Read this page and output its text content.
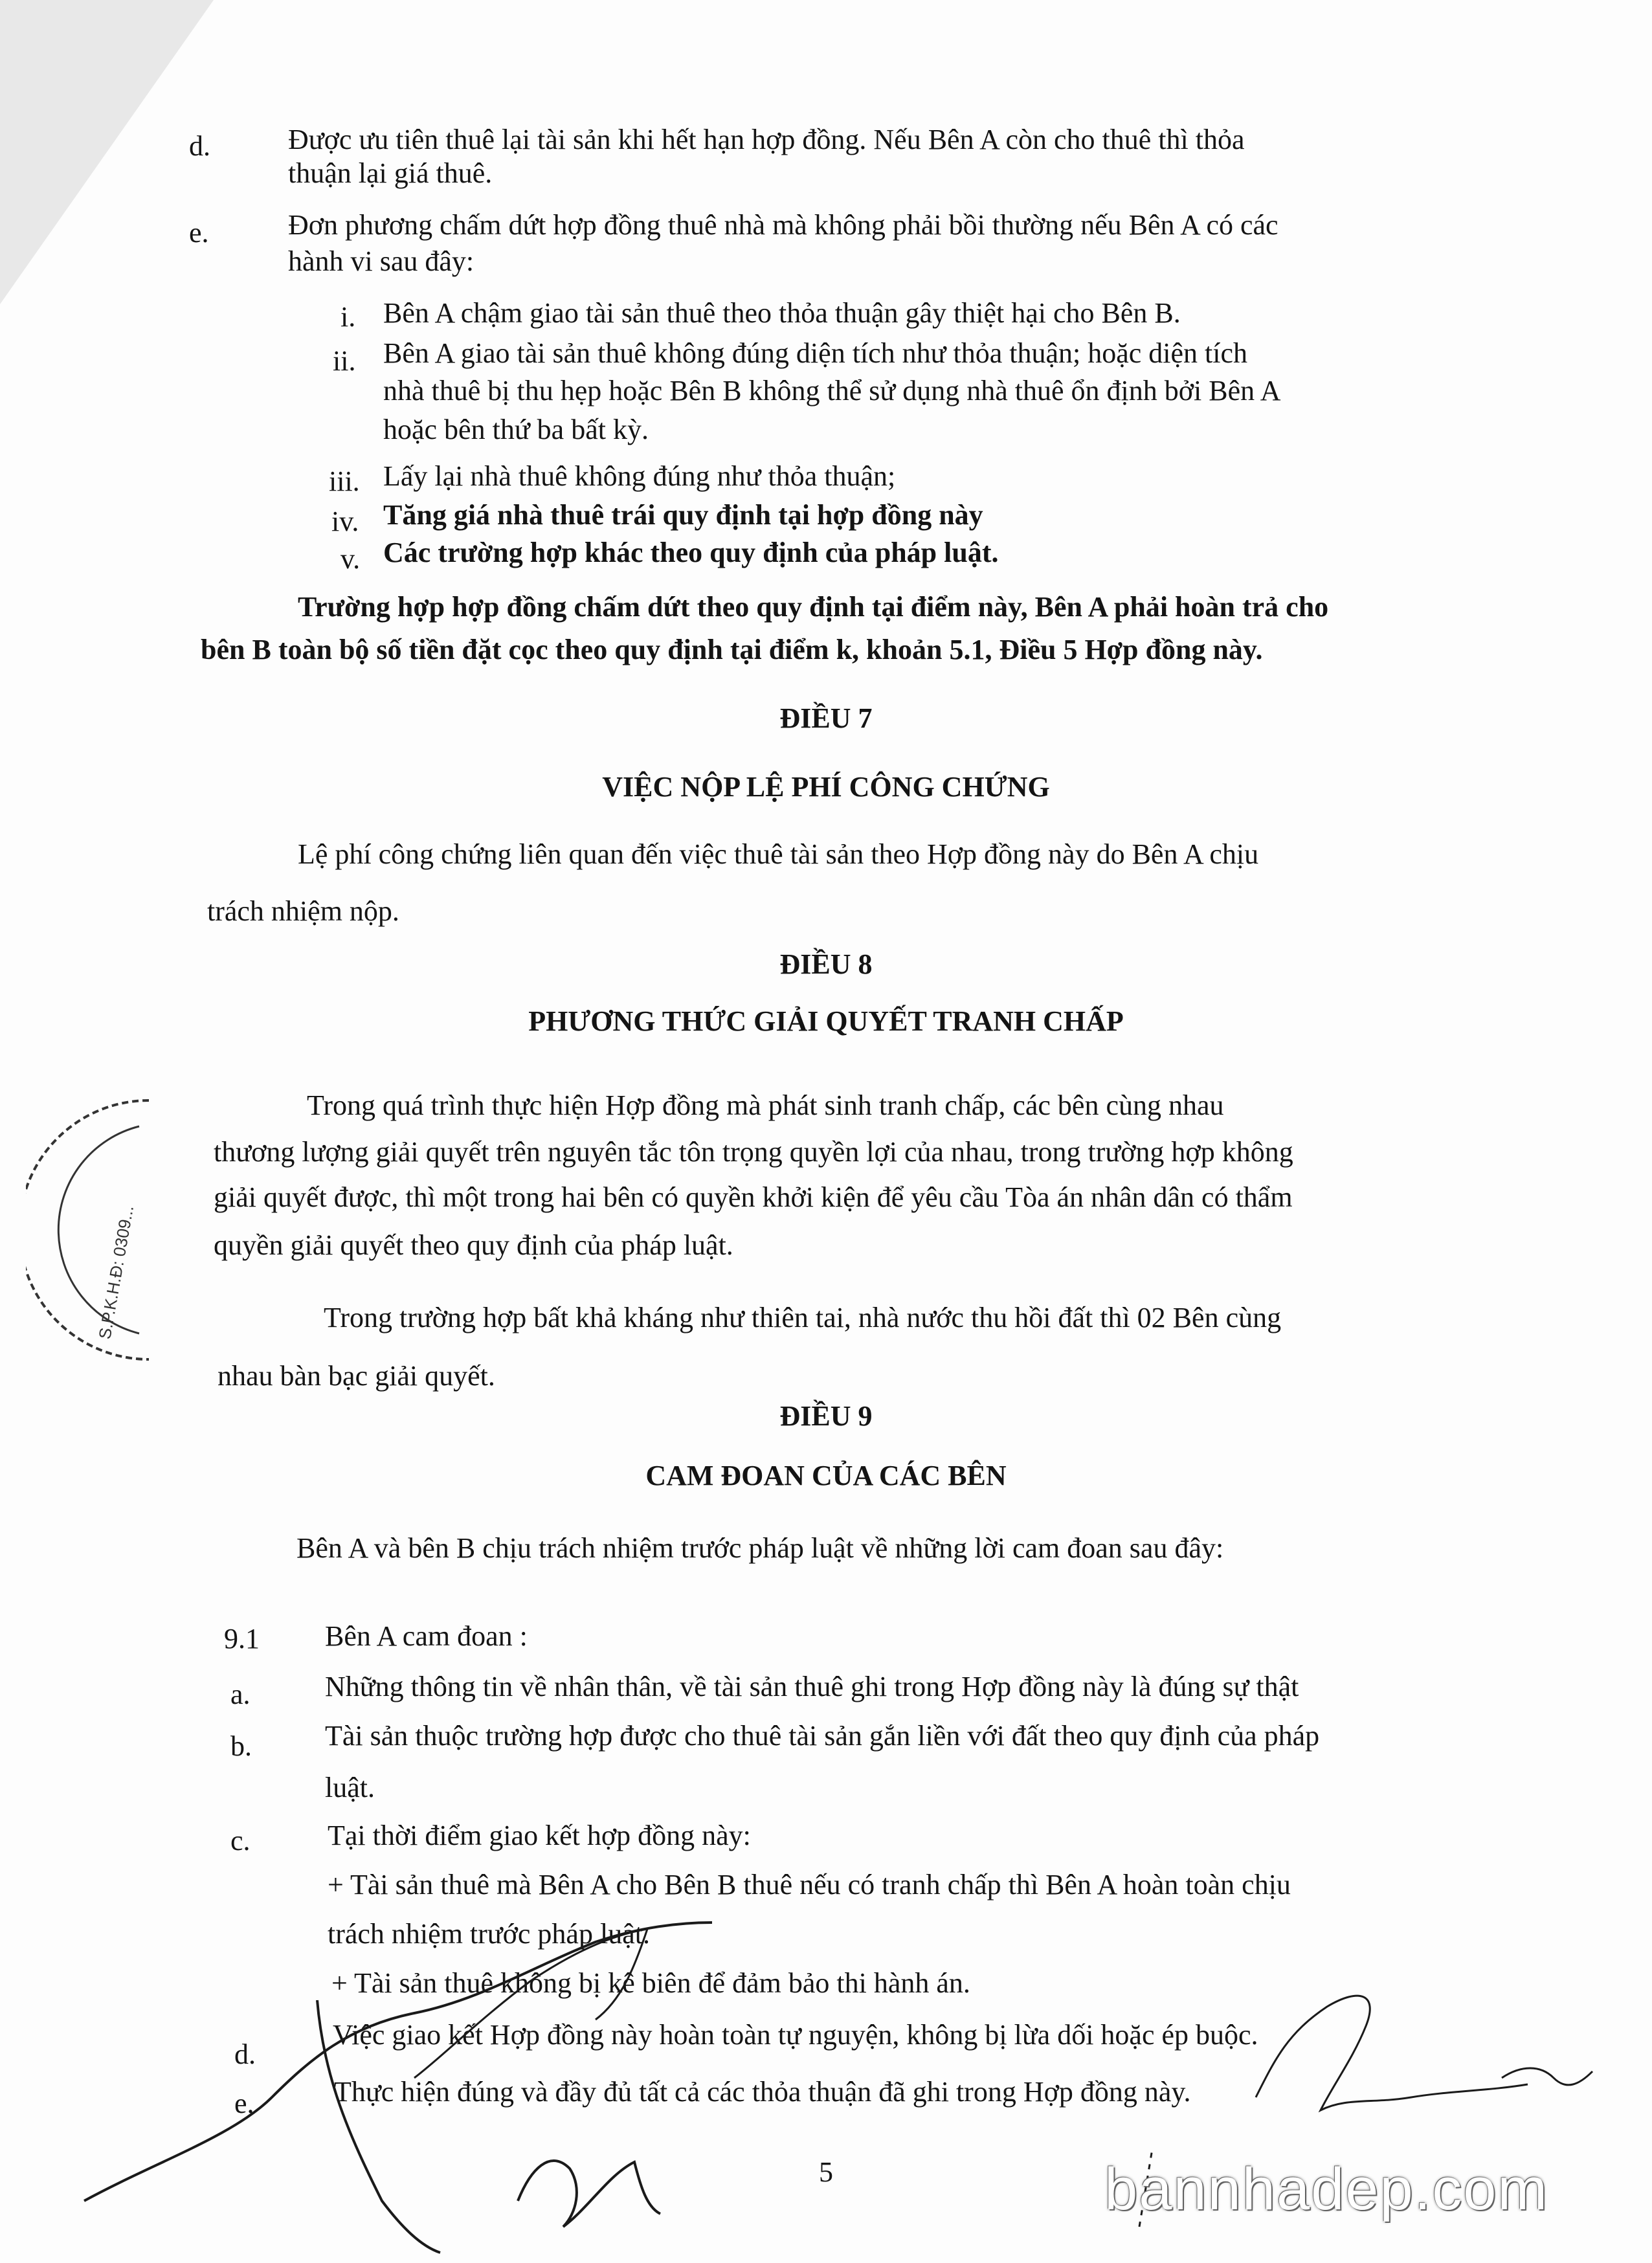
d.	Được ưu tiên thuê lại tài sản khi hết hạn hợp đồng. Nếu Bên A còn cho thuê thì thỏa
thuận lại giá thuê.
e.	Đơn phương chấm dứt hợp đồng thuê nhà mà không phải bồi thường nếu Bên A có các
hành vi sau đây:
i. Bên A chậm giao tài sản thuê theo thỏa thuận gây thiệt hại cho Bên B.
ii. Bên A giao tài sản thuê không đúng diện tích như thỏa thuận; hoặc diện tích
nhà thuê bị thu hẹp hoặc Bên B không thể sử dụng nhà thuê ổn định bởi Bên A
hoặc bên thứ ba bất kỳ.
iii. Lấy lại nhà thuê không đúng như thỏa thuận;
iv. Tăng giá nhà thuê trái quy định tại hợp đồng này
v. Các trường hợp khác theo quy định của pháp luật.
Trường hợp hợp đồng chấm dứt theo quy định tại điểm này, Bên A phải hoàn trả cho
bên B toàn bộ số tiền đặt cọc theo quy định tại điểm k, khoản 5.1, Điều 5 Hợp đồng này.
ĐIỀU 7
VIỆC NỘP LỆ PHÍ CÔNG CHỨNG
Lệ phí công chứng liên quan đến việc thuê tài sản theo Hợp đồng này do Bên A chịu
trách nhiệm nộp.
ĐIỀU 8
PHƯƠNG THỨC GIẢI QUYẾT TRANH CHẤP
Trong quá trình thực hiện Hợp đồng mà phát sinh tranh chấp, các bên cùng nhau
thương lượng giải quyết trên nguyên tắc tôn trọng quyền lợi của nhau, trong trường hợp không
giải quyết được, thì một trong hai bên có quyền khởi kiện để yêu cầu Tòa án nhân dân có thẩm
quyền giải quyết theo quy định của pháp luật.
Trong trường hợp bất khả kháng như thiên tai, nhà nước thu hồi đất thì 02 Bên cùng
nhau bàn bạc giải quyết.
ĐIỀU 9
CAM ĐOAN CỦA CÁC BÊN
Bên A và bên B chịu trách nhiệm trước pháp luật về những lời cam đoan sau đây:
9.1 Bên A cam đoan :
a.	Những thông tin về nhân thân, về tài sản thuê ghi trong Hợp đồng này là đúng sự thật
b.	Tài sản thuộc trường hợp được cho thuê tài sản gắn liền với đất theo quy định của pháp
luật.
c.	Tại thời điểm giao kết hợp đồng này:
+ Tài sản thuê mà Bên A cho Bên B thuê nếu có tranh chấp thì Bên A hoàn toàn chịu
trách nhiệm trước pháp luật.
+ Tài sản thuê không bị kê biên để đảm bảo thi hành án.
d.
Việc giao kết Hợp đồng này hoàn toàn tự nguyện, không bị lừa dối hoặc ép buộc.
e.	Thực hiện đúng và đầy đủ tất cả các thỏa thuận đã ghi trong Hợp đồng này.
S.P.K.H.Đ: 0309...
5	bannhadep.com
